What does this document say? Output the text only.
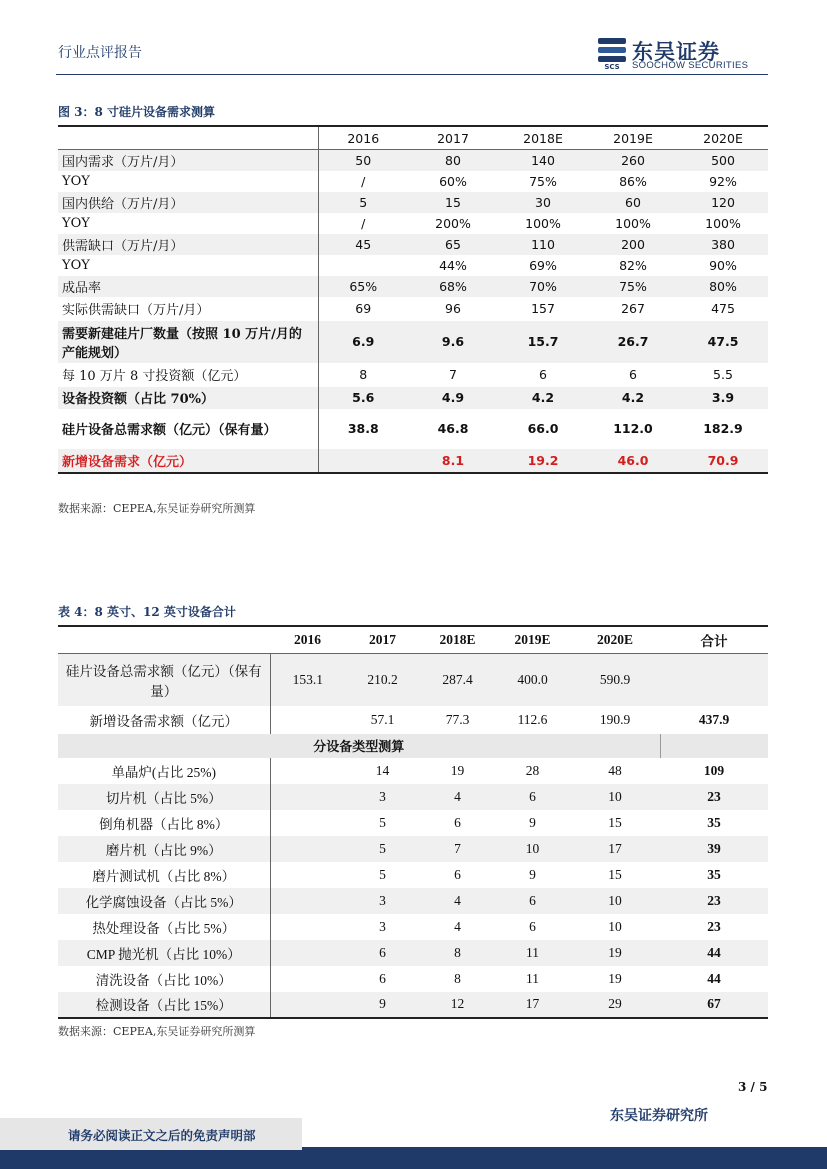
行业点评报告
SCS
东吴证券
SOOCHOW SECURITIES
图 3：8 寸硅片设备需求测算
	2016	2017	2018E	2019E	2020E
国内需求（万片/月）	50	80	140	260	500
YOY	/	60%	75%	86%	92%
国内供给（万片/月）	5	15	30	60	120
YOY	/	200%	100%	100%	100%
供需缺口（万片/月）	45	65	110	200	380
YOY		44%	69%	82%	90%
成品率	65%	68%	70%	75%	80%
实际供需缺口（万片/月）	69	96	157	267	475
需要新建硅片厂数量（按照 10 万片/月的产能规划）	6.9	9.6	15.7	26.7	47.5
每 10 万片 8 寸投资额（亿元）	8	7	6	6	5.5
设备投资额（占比 70%）	5.6	4.9	4.2	4.2	3.9
硅片设备总需求额（亿元）（保有量）	38.8	46.8	66.0	112.0	182.9
新增设备需求（亿元）		8.1	19.2	46.0	70.9
数据来源：CEPEA,东吴证券研究所测算
表 4：8 英寸、12 英寸设备合计
	2016	2017	2018E	2019E	2020E	合计
硅片设备总需求额（亿元）（保有量）	153.1	210.2	287.4	400.0	590.9	
新增设备需求额（亿元）		57.1	77.3	112.6	190.9	437.9
分设备类型测算						
单晶炉(占比 25%)		14	19	28	48	109
切片机（占比 5%）		3	4	6	10	23
倒角机器（占比 8%）		5	6	9	15	35
磨片机（占比 9%）		5	7	10	17	39
磨片测试机（占比 8%）		5	6	9	15	35
化学腐蚀设备（占比 5%）		3	4	6	10	23
热处理设备（占比 5%）		3	4	6	10	23
CMP 抛光机（占比 10%）		6	8	11	19	44
清洗设备（占比 10%）		6	8	11	19	44
检测设备（占比 15%）		9	12	17	29	67
数据来源：CEPEA,东吴证券研究所测算
3 / 5
东吴证券研究所
请务必阅读正文之后的免责声明部
